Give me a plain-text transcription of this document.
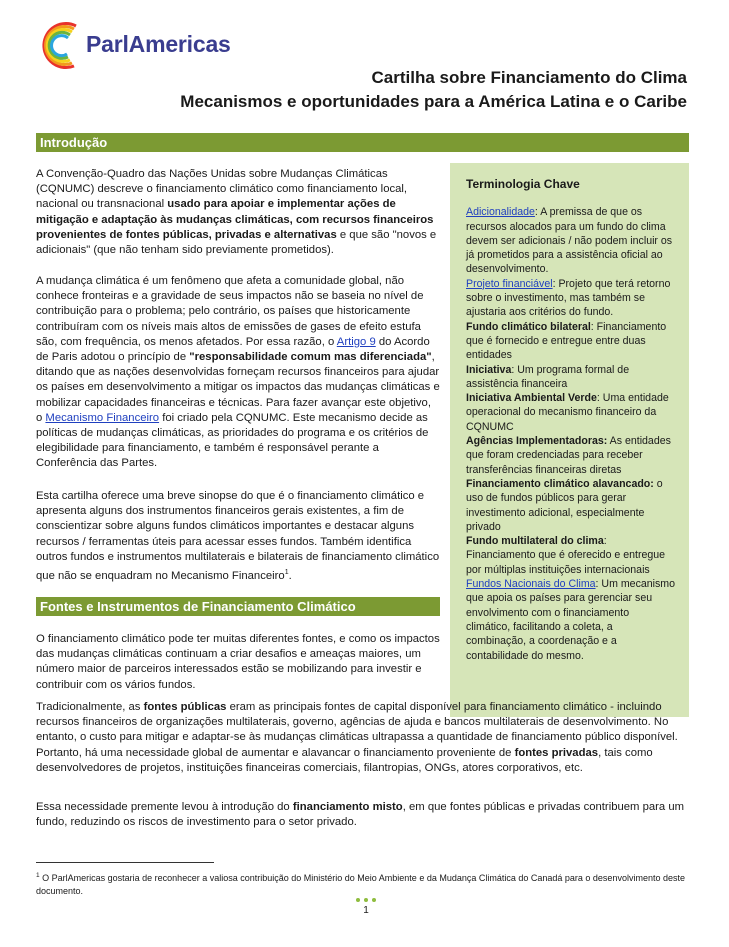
ParlAmericas
Cartilha sobre Financiamento do Clima
Mecanismos e oportunidades para a América Latina e o Caribe
Introdução
A Convenção-Quadro das Nações Unidas sobre Mudanças Climáticas (CQNUMC) descreve o financiamento climático como financiamento local, nacional ou transnacional usado para apoiar e implementar ações de mitigação e adaptação às mudanças climáticas, com recursos financeiros provenientes de fontes públicas, privadas e alternativas e que são "novos e adicionais" (que não tenham sido previamente prometidos).
A mudança climática é um fenômeno que afeta a comunidade global, não conhece fronteiras e a gravidade de seus impactos não se baseia no nível de contribuição para o problema; pelo contrário, os países que historicamente contribuíram com os níveis mais altos de emissões de gases de efeito estufa são, com frequência, os menos afetados. Por essa razão, o Artigo 9 do Acordo de Paris adotou o princípio de "responsabilidade comum mas diferenciada", ditando que as nações desenvolvidas forneçam recursos financeiros para ajudar os países em desenvolvimento a mitigar os impactos das mudanças climáticas e mobilizar capacidades financeiras e técnicas. Para fazer avançar este objetivo, o Mecanismo Financeiro foi criado pela CQNUMC. Este mecanismo decide as políticas de mudanças climáticas, as prioridades do programa e os critérios de elegibilidade para financiamento, e também é responsável perante a Conferência das Partes.
Esta cartilha oferece uma breve sinopse do que é o financiamento climático e apresenta alguns dos instrumentos financeiros gerais existentes, a fim de conscientizar sobre alguns fundos climáticos importantes e destacar alguns recursos / ferramentas úteis para acessar esses fundos. Também identifica outros fundos e instrumentos multilaterais e bilaterais de financiamento climático que não se enquadram no Mecanismo Financeiro$^1$.
Fontes e Instrumentos de Financiamento Climático
Terminologia Chave

Adicionalidade: A premissa de que os recursos alocados para um fundo do clima devem ser adicionais / não podem incluir os já prometidos para a assistência oficial ao desenvolvimento.

Projeto financiável: Projeto que terá retorno sobre o investimento, mas também se ajustaria aos critérios do fundo.

Fundo climático bilateral: Financiamento que é fornecido e entregue entre duas entidades

Iniciativa: Um programa formal de assistência financeira

Iniciativa Ambiental Verde: Uma entidade operacional do mecanismo financeiro da CQNUMC

Agências Implementadoras: As entidades que foram credenciadas para receber transferências financeiras diretas

Financiamento climático alavancado: o uso de fundos públicos para gerar investimento adicional, especialmente privado

Fundo multilateral do clima: Financiamento que é oferecido e entregue por múltiplas instituições internacionais

Fundos Nacionais do Clima: Um mecanismo que apoia os países para gerenciar seu envolvimento com o financiamento climático, facilitando a coleta, a combinação, a coordenação e a contabilidade do mesmo.

O financiamento climático pode ter muitas diferentes fontes, e como os impactos das mudanças climáticas continuam a criar desafios e ameaças maiores, um número maior de parceiros interessados estão se mobilizando para investir e contribuir com os vários fundos.
Tradicionalmente, as fontes públicas eram as principais fontes de capital disponível para financiamento climático - incluindo recursos financeiros de organizações multilaterais, governo, agências de ajuda e bancos multilaterais de desenvolvimento. No entanto, o custo para mitigar e adaptar-se às mudanças climáticas ultrapassa a quantidade de financiamento público disponível. Portanto, há uma necessidade global de aumentar e alavancar o financiamento proveniente de fontes privadas, tais como desenvolvedores de projetos, instituições financeiras comerciais, filantropias, ONGs, atores corporativos, etc.
Essa necessidade premente levou à introdução do financiamento misto, em que fontes públicas e privadas contribuem para um fundo, reduzindo os riscos de investimento para o setor privado.
$^1$ O ParlAmericas gostaria de reconhecer a valiosa contribuição do Ministério do Meio Ambiente e da Mudança Climática do Canadá para o desenvolvimento deste documento.
1
